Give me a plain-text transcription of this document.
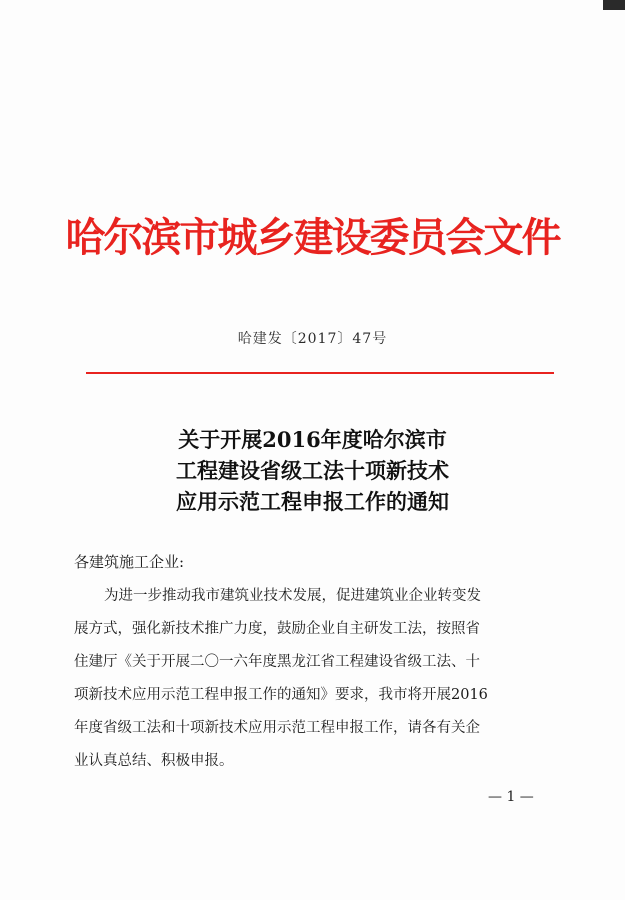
哈尔滨市城乡建设委员会文件
哈建发〔2017〕47号
关于开展2016年度哈尔滨市
工程建设省级工法十项新技术
应用示范工程申报工作的通知
各建筑施工企业:
为进一步推动我市建筑业技术发展，促进建筑业企业转变发
展方式，强化新技术推广力度，鼓励企业自主研发工法，按照省
住建厅《关于开展二〇一六年度黑龙江省工程建设省级工法、十
项新技术应用示范工程申报工作的通知》要求，我市将开展2016
年度省级工法和十项新技术应用示范工程申报工作，请各有关企
业认真总结、积极申报。
— 1 —
